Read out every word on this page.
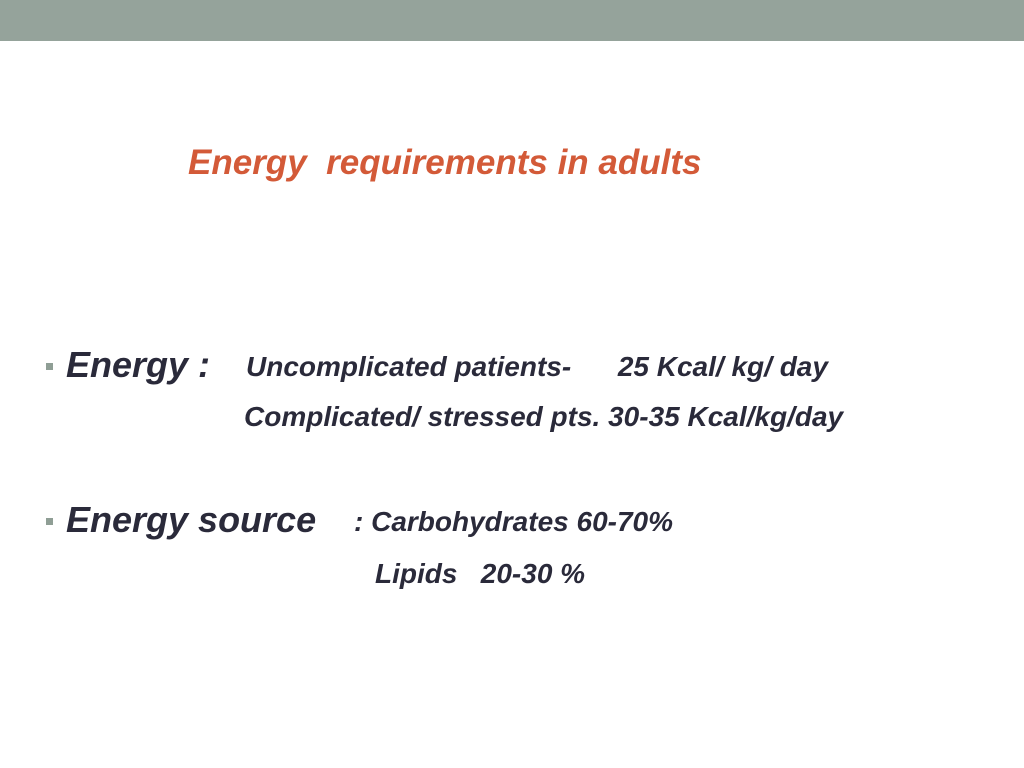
Energy  requirements in adults
Energy : Uncomplicated patients-      25 Kcal/ kg/ day
Complicated/ stressed pts. 30-35 Kcal/kg/day
Energy source : Carbohydrates 60-70%
Lipids   20-30 %
